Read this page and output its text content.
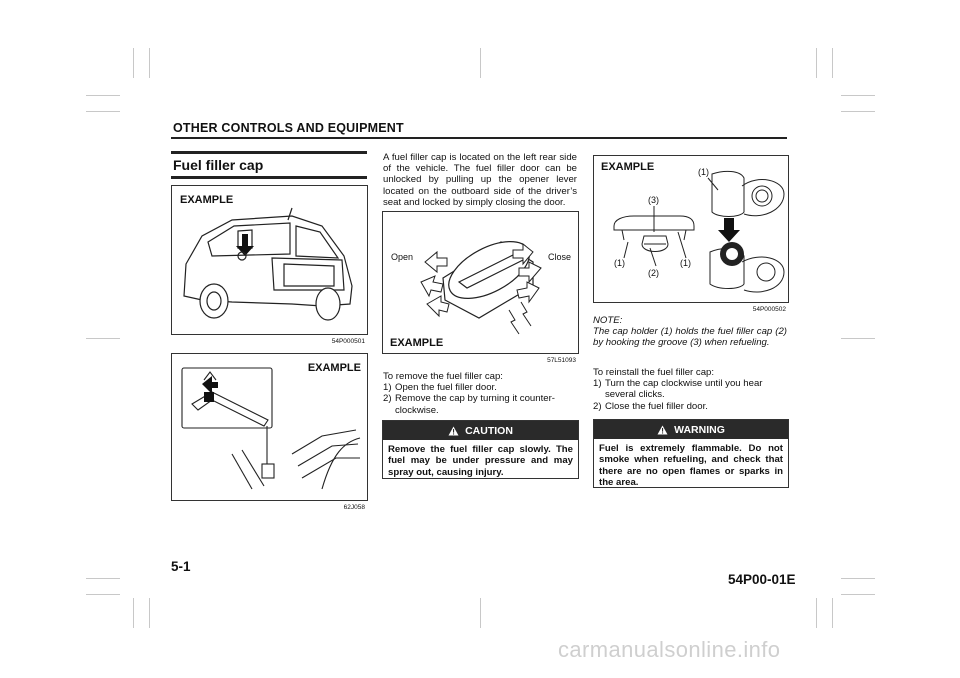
OTHER CONTROLS AND EQUIPMENT
Fuel filler cap
EXAMPLE
54P000501
EXAMPLE
62J058
A fuel filler cap is located on the left rear side of the vehicle. The fuel filler door can be unlocked by pulling up the opener lever located on the outboard side of the driver’s seat and locked by simply closing the door.
EXAMPLE
Open	Close
57L51093
To remove the fuel filler cap:
1) Open the fuel filler door.
2) Remove the cap by turning it counter-clockwise.
CAUTION
Remove the fuel filler cap slowly. The fuel may be under pressure and may spray out, causing injury.
EXAMPLE	(1)
(3)
(1)
(2)
(1)
54P000502
NOTE:
The cap holder (1) holds the fuel filler cap (2) by hooking the groove (3) when refueling.
To reinstall the fuel filler cap:
1) Turn the cap clockwise until you hear several clicks.
2) Close the fuel filler door.
WARNING
Fuel is extremely flammable. Do not smoke when refueling, and check that there are no open flames or sparks in the area.
5-1
54P00-01E
carmanualsonline.info
